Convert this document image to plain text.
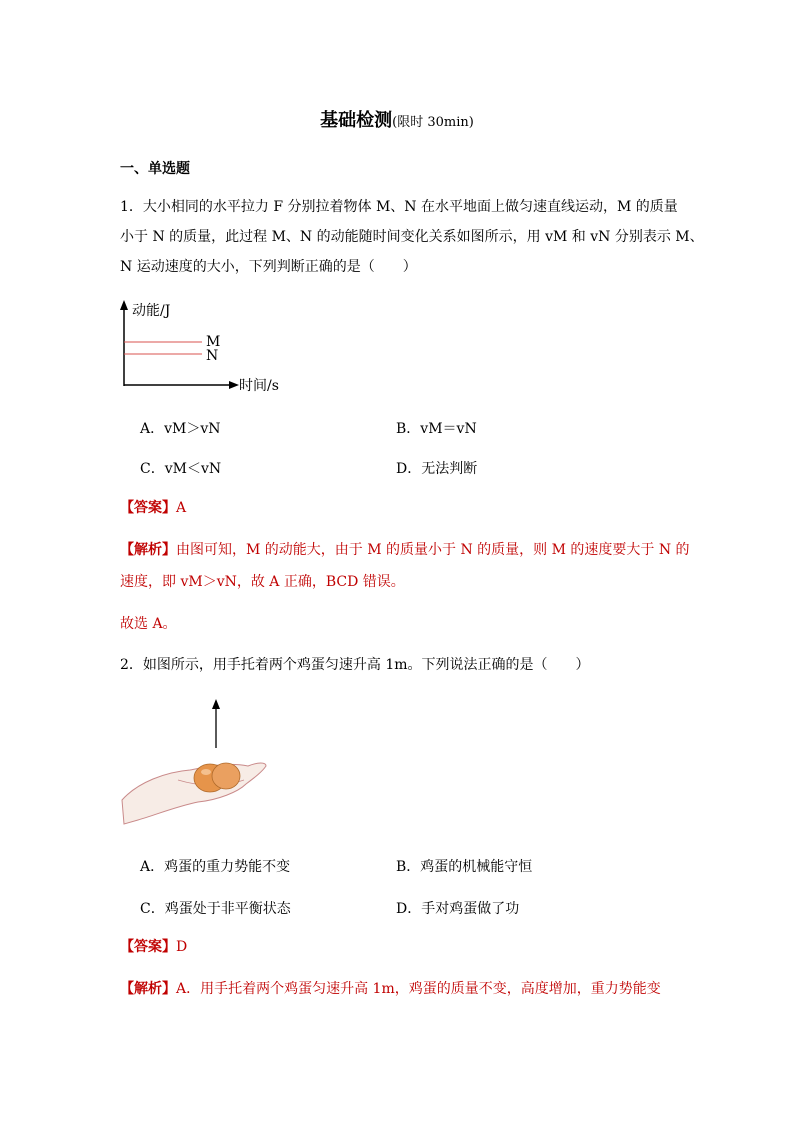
基础检测(限时 30min)
一、单选题
1．大小相同的水平拉力 F 分别拉着物体 M、N 在水平地面上做匀速直线运动，M 的质量
小于 N 的质量，此过程 M、N 的动能随时间变化关系如图所示，用 vM 和 vN 分别表示 M、
N 运动速度的大小，下列判断正确的是（　　）
动能/J
时间/s
M
N
A．vM＞vN	B．vM＝vN
C．vM＜vN	D．无法判断
【答案】A
【解析】由图可知，M 的动能大，由于 M 的质量小于 N 的质量，则 M 的速度要大于 N 的
速度，即 vM＞vN，故 A 正确，BCD 错误。
故选 A。
2．如图所示，用手托着两个鸡蛋匀速升高 1m。下列说法正确的是（　　）
A．鸡蛋的重力势能不变	B．鸡蛋的机械能守恒
C．鸡蛋处于非平衡状态	D．手对鸡蛋做了功
【答案】D
【解析】A．用手托着两个鸡蛋匀速升高 1m，鸡蛋的质量不变，高度增加，重力势能变
